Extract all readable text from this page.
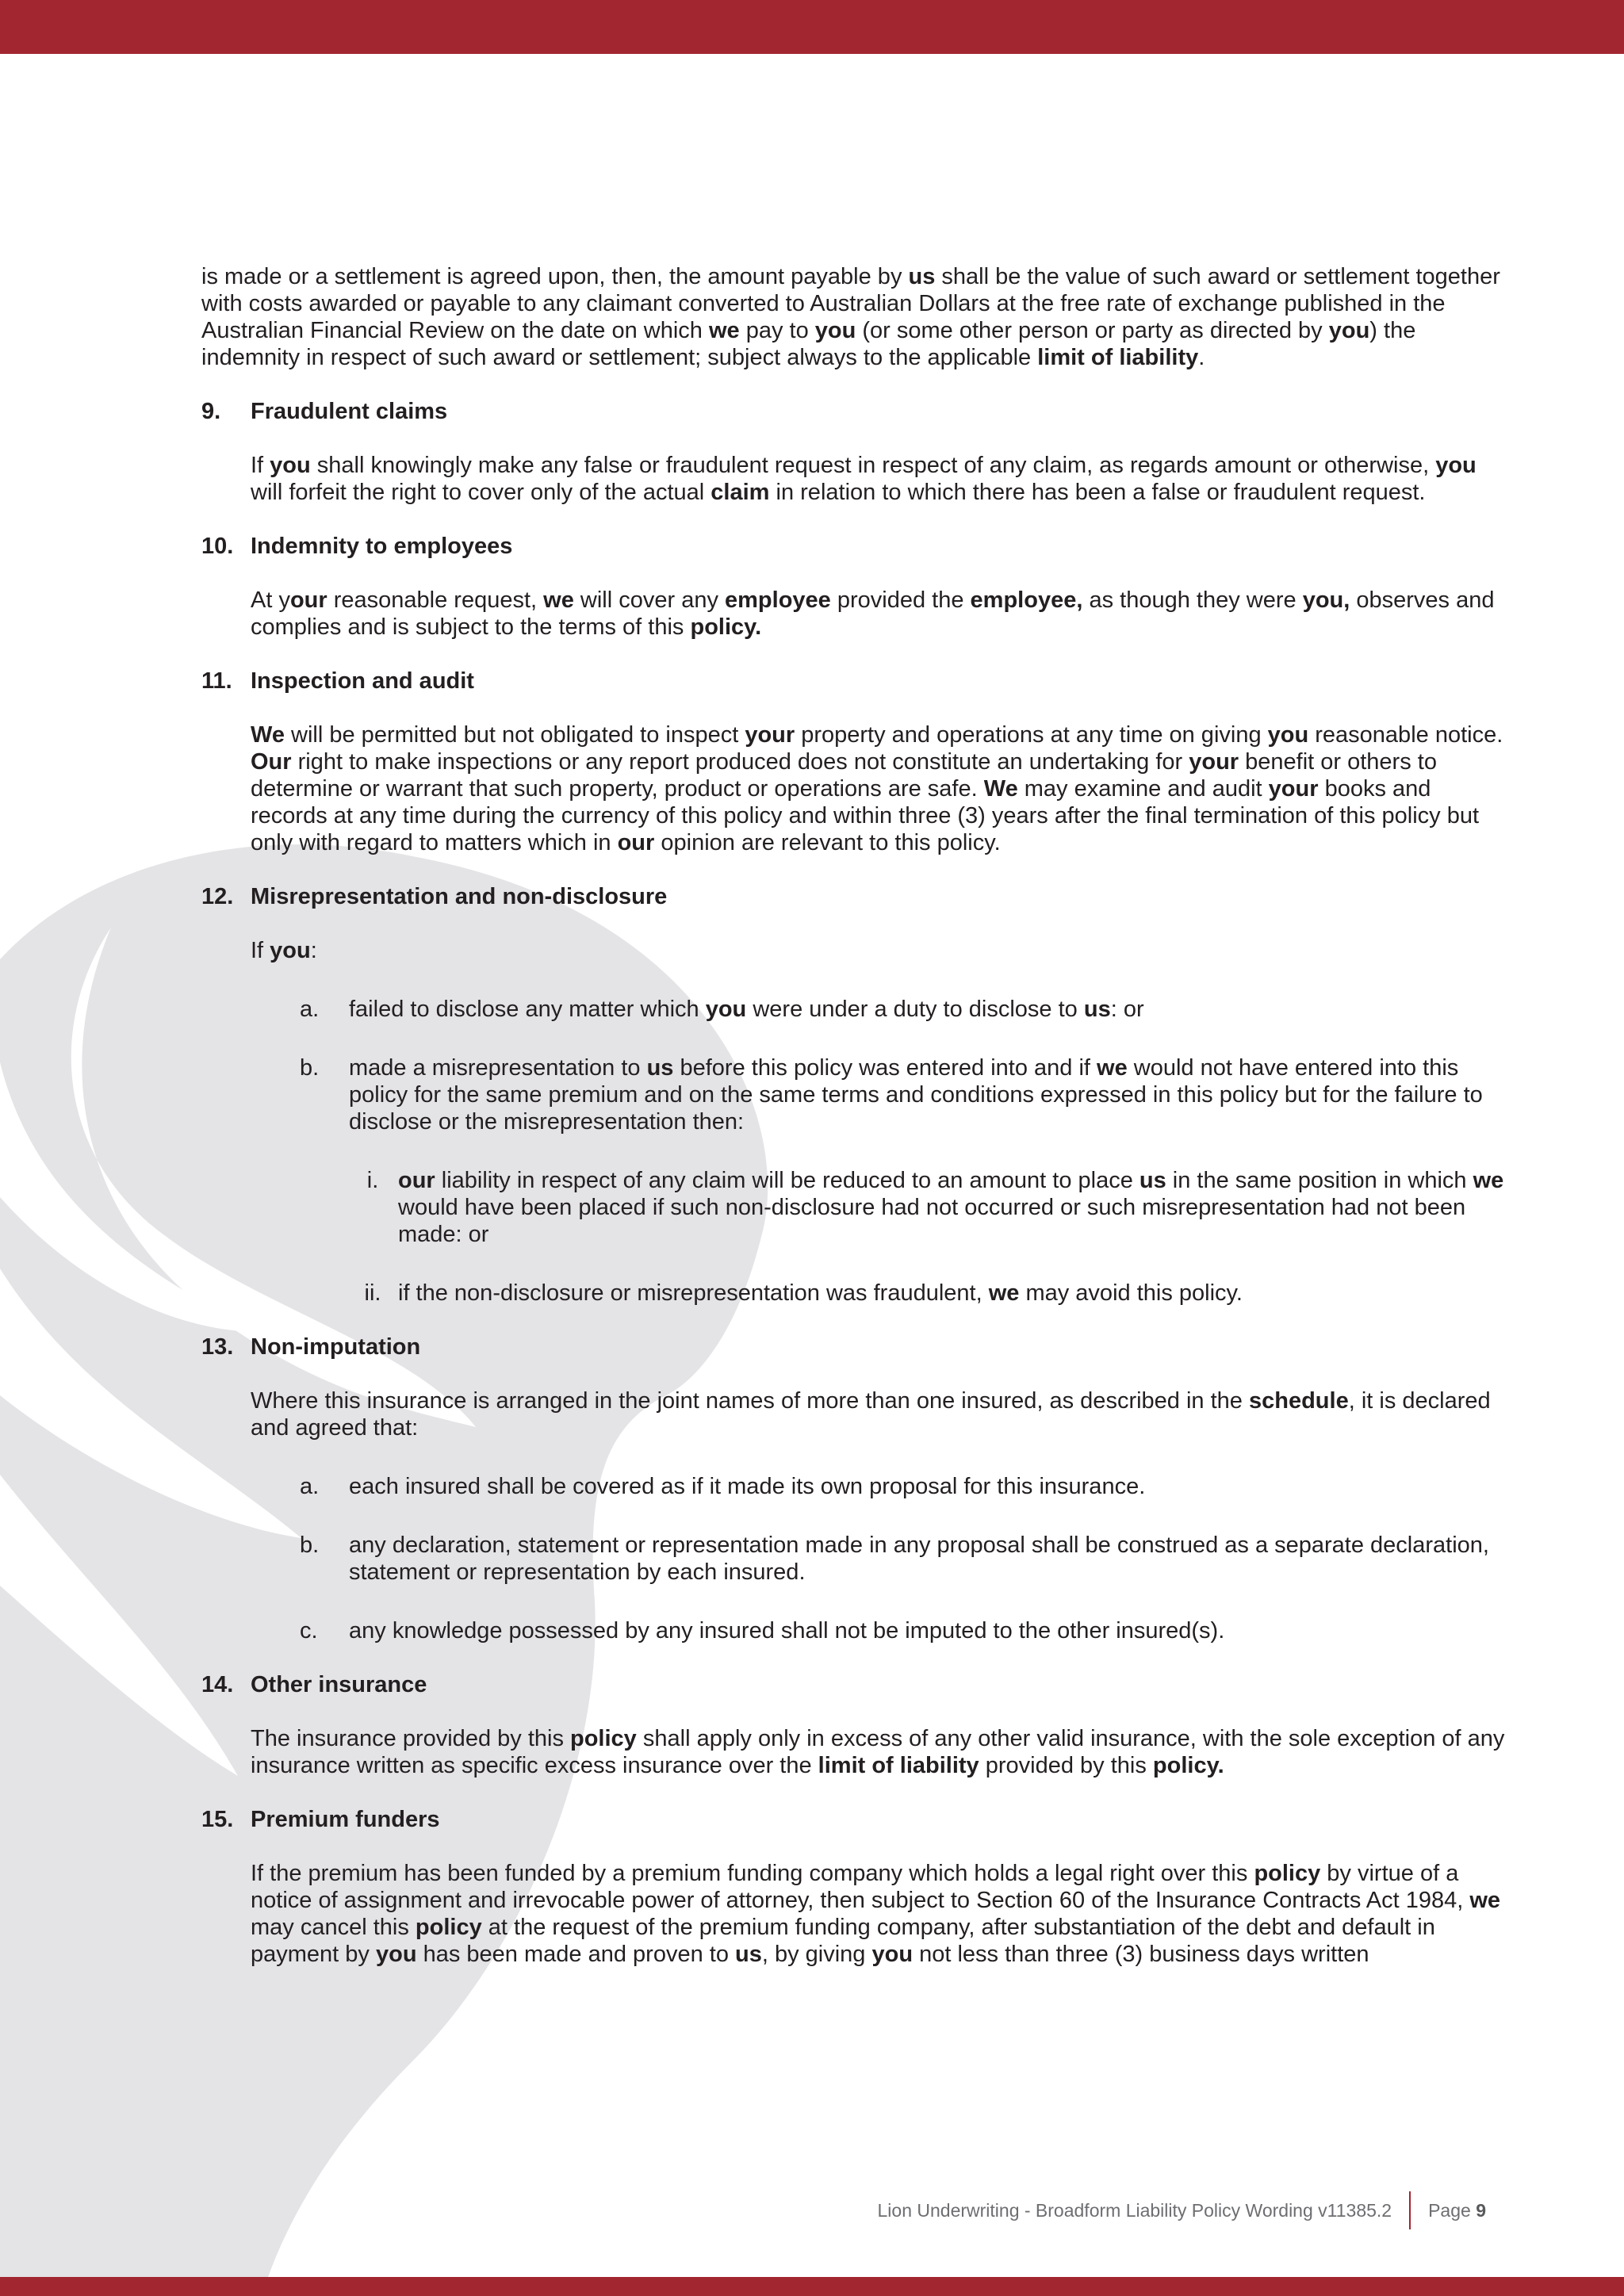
is made or a settlement is agreed upon, then, the amount payable by us shall be the value of such award or settlement together with costs awarded or payable to any claimant converted to Australian Dollars at the free rate of exchange published in the Australian Financial Review on the date on which we pay to you (or some other person or party as directed by you) the indemnity in respect of such award or settlement; subject always to the applicable limit of liability.

9.	Fraudulent claims

If you shall knowingly make any false or fraudulent request in respect of any claim, as regards amount or otherwise, you will forfeit the right to cover only of the actual claim in relation to which there has been a false or fraudulent request.

10. Indemnity to employees

At your reasonable request, we will cover any employee provided the employee, as though they were you, observes and complies and is subject to the terms of this policy.

11. Inspection and audit

We will be permitted but not obligated to inspect your property and operations at any time on giving you reasonable notice. Our right to make inspections or any report produced does not constitute an undertaking for your benefit or others to determine or warrant that such property, product or operations are safe. We may examine and audit your books and records at any time during the currency of this policy and within three (3) years after the final termination of this policy but only with regard to matters which in our opinion are relevant to this policy.

12. Misrepresentation and non-disclosure

If you:

a.	failed to disclose any matter which you were under a duty to disclose to us: or
b.	made a misrepresentation to us before this policy was entered into and if we would not have entered into this policy for the same premium and on the same terms and conditions expressed in this policy but for the failure to disclose or the misrepresentation then:
i. our liability in respect of any claim will be reduced to an amount to place us in the same position in which we would have been placed if such non-disclosure had not occurred or such misrepresentation had not been made: or
ii. if the non-disclosure or misrepresentation was fraudulent, we may avoid this policy.
13. Non-imputation

Where this insurance is arranged in the joint names of more than one insured, as described in the schedule, it is declared and agreed that:

a.	each insured shall be covered as if it made its own proposal for this insurance.
b.	any declaration, statement or representation made in any proposal shall be construed as a separate declaration, statement or representation by each insured.
c.	any knowledge possessed by any insured shall not be imputed to the other insured(s).
14. Other insurance

The insurance provided by this policy shall apply only in excess of any other valid insurance, with the sole exception of any insurance written as specific excess insurance over the limit of liability provided by this policy.

15. Premium funders

If the premium has been funded by a premium funding company which holds a legal right over this policy by virtue of a notice of assignment and irrevocable power of attorney, then subject to Section 60 of the Insurance Contracts Act 1984, we may cancel this policy at the request of the premium funding company, after substantiation of the debt and default in payment by you has been made and proven to us, by giving you not less than three (3) business days written

Lion Underwriting - Broadform Liability Policy Wording v11385.2 Page
9
